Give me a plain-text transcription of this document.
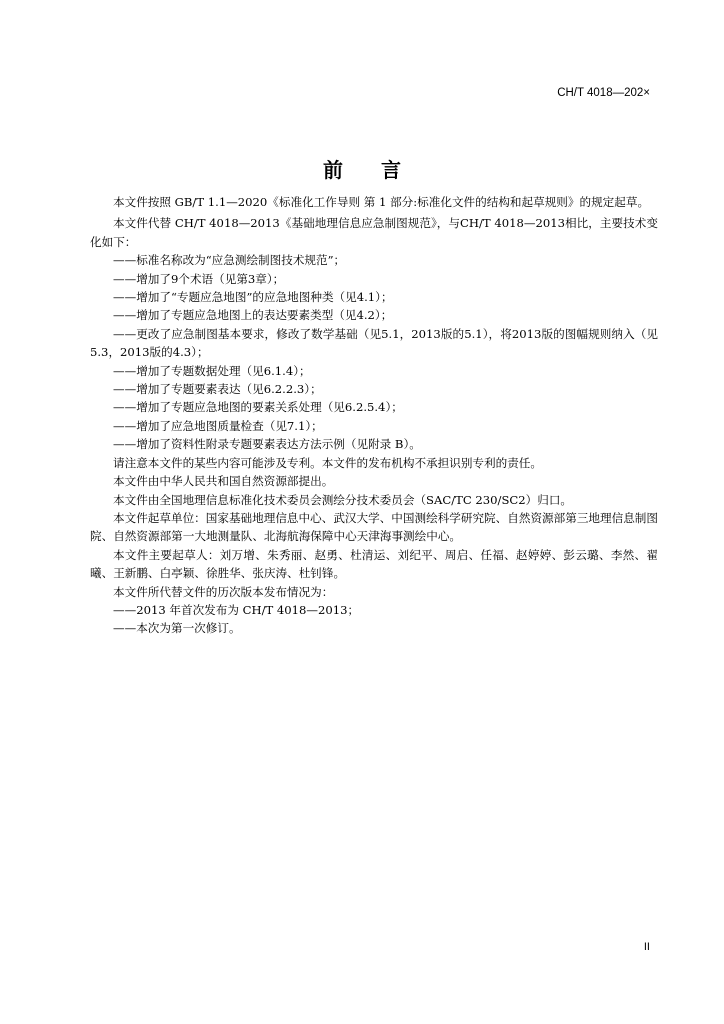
CH/T 4018—202×
前 言

本文件按照 GB/T 1.1—2020《标准化工作导则 第 1 部分:标准化文件的结构和起草规则》的规定起草。

本文件代替 CH/T 4018—2013《基础地理信息应急制图规范》，与CH/T 4018—2013相比，主要技术变化如下：

——标准名称改为“应急测绘制图技术规范”；

——增加了9个术语（见第3章）；

——增加了“专题应急地图”的应急地图种类（见4.1）；

——增加了专题应急地图上的表达要素类型（见4.2）；

——更改了应急制图基本要求，修改了数学基础（见5.1，2013版的5.1），将2013版的图幅规则纳入（见5.3，2013版的4.3）；

——增加了专题数据处理（见6.1.4）；

——增加了专题要素表达（见6.2.2.3）；

——增加了专题应急地图的要素关系处理（见6.2.5.4）；

——增加了应急地图质量检查（见7.1）；

——增加了资料性附录专题要素表达方法示例（见附录 B）。

请注意本文件的某些内容可能涉及专利。本文件的发布机构不承担识别专利的责任。

本文件由中华人民共和国自然资源部提出。

本文件由全国地理信息标准化技术委员会测绘分技术委员会（SAC/TC 230/SC2）归口。

本文件起草单位：国家基础地理信息中心、武汉大学、中国测绘科学研究院、自然资源部第三地理信息制图院、自然资源部第一大地测量队、北海航海保障中心天津海事测绘中心。

本文件主要起草人：刘万增、朱秀丽、赵勇、杜清运、刘纪平、周启、任福、赵婷婷、彭云璐、李然、翟曦、王新鹏、白亭颖、徐胜华、张庆涛、杜钊锋。

本文件所代替文件的历次版本发布情况为：

——2013 年首次发布为 CH/T 4018—2013；

——本次为第一次修订。

II
